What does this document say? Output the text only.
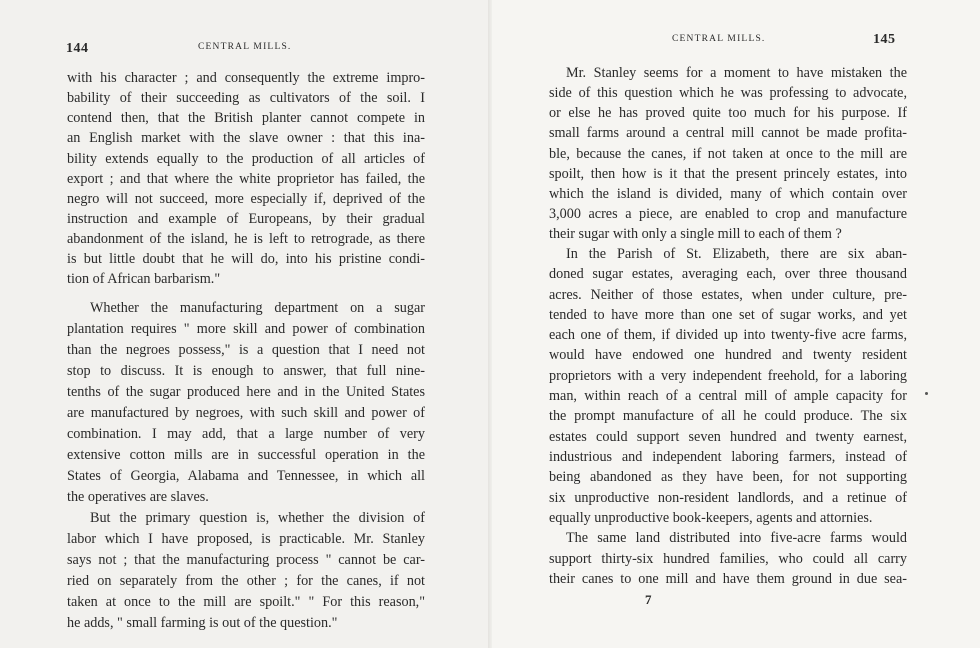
144	CENTRAL MILLS.
CENTRAL MILLS.	145
with his character ; and consequently the extreme impro-
bability of their succeeding as cultivators of the soil. I
contend then, that the British planter cannot compete in
an English market with the slave owner : that this ina-
bility extends equally to the production of all articles of
export ; and that where the white proprietor has failed, the
negro will not succeed, more especially if, deprived of the
instruction and example of Europeans, by their gradual
abandonment of the island, he is left to retrograde, as there
is but little doubt that he will do, into his pristine condi-
tion of African barbarism."
Whether the manufacturing department on a sugar
plantation requires " more skill and power of combination
than the negroes possess," is a question that I need not
stop to discuss. It is enough to answer, that full nine-
tenths of the sugar produced here and in the United States
are manufactured by negroes, with such skill and power of
combination. I may add, that a large number of very
extensive cotton mills are in successful operation in the
States of Georgia, Alabama and Tennessee, in which all
the operatives are slaves.
But the primary question is, whether the division of
labor which I have proposed, is practicable. Mr. Stanley
says not ; that the manufacturing process " cannot be car-
ried on separately from the other ; for the canes, if not
taken at once to the mill are spoilt." " For this reason,"
he adds, " small farming is out of the question."
Mr. Stanley seems for a moment to have mistaken the
side of this question which he was professing to advocate,
or else he has proved quite too much for his purpose. If
small farms around a central mill cannot be made profita-
ble, because the canes, if not taken at once to the mill are
spoilt, then how is it that the present princely estates, into
which the island is divided, many of which contain over
3,000 acres a piece, are enabled to crop and manufacture
their sugar with only a single mill to each of them ?
In the Parish of St. Elizabeth, there are six aban-
doned sugar estates, averaging each, over three thousand
acres. Neither of those estates, when under culture, pre-
tended to have more than one set of sugar works, and yet
each one of them, if divided up into twenty-five acre farms,
would have endowed one hundred and twenty resident
proprietors with a very independent freehold, for a laboring
man, within reach of a central mill of ample capacity for
the prompt manufacture of all he could produce. The six
estates could support seven hundred and twenty earnest,
industrious and independent laboring farmers, instead of
being abandoned as they have been, for not supporting
six unproductive non-resident landlords, and a retinue of
equally unproductive book-keepers, agents and attornies.
The same land distributed into five-acre farms would
support thirty-six hundred families, who could all carry
their canes to one mill and have them ground in due sea-
7
